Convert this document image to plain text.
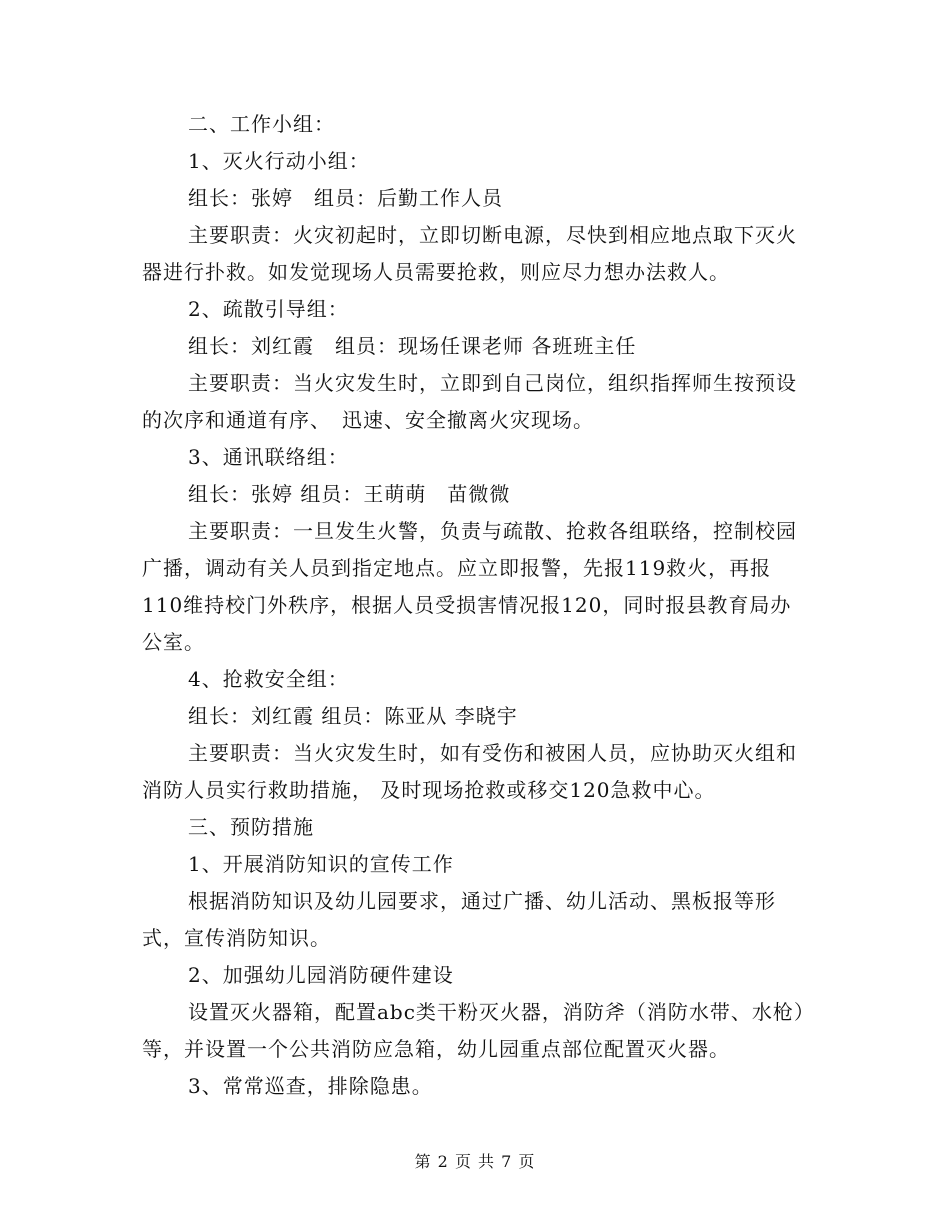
二、工作小组：

1、灭火行动小组：

组长：张婷　组员：后勤工作人员

主要职责：火灾初起时，立即切断电源，尽快到相应地点取下灭火器进行扑救。如发觉现场人员需要抢救，则应尽力想办法救人。

2、疏散引导组：

组长：刘红霞　组员：现场任课老师 各班班主任

主要职责：当火灾发生时，立即到自己岗位，组织指挥师生按预设的次序和通道有序、　迅速、安全撤离火灾现场。

3、通讯联络组：

组长：张婷 组员：王萌萌　苗微微

主要职责：一旦发生火警，负责与疏散、抢救各组联络，控制校园广播，调动有关人员到指定地点。应立即报警，先报119救火，再报110维持校门外秩序，根据人员受损害情况报120，同时报县教育局办公室。

4、抢救安全组：

组长：刘红霞 组员：陈亚从 李晓宇

主要职责：当火灾发生时，如有受伤和被困人员，应协助灭火组和消防人员实行救助措施， 及时现场抢救或移交120急救中心。

三、预防措施

1、开展消防知识的宣传工作

根据消防知识及幼儿园要求，通过广播、幼儿活动、黑板报等形式，宣传消防知识。

2、加强幼儿园消防硬件建设

设置灭火器箱，配置abc类干粉灭火器，消防斧（消防水带、水枪）等，并设置一个公共消防应急箱，幼儿园重点部位配置灭火器。

3、常常巡查，排除隐患。

第 2 页 共 7 页
